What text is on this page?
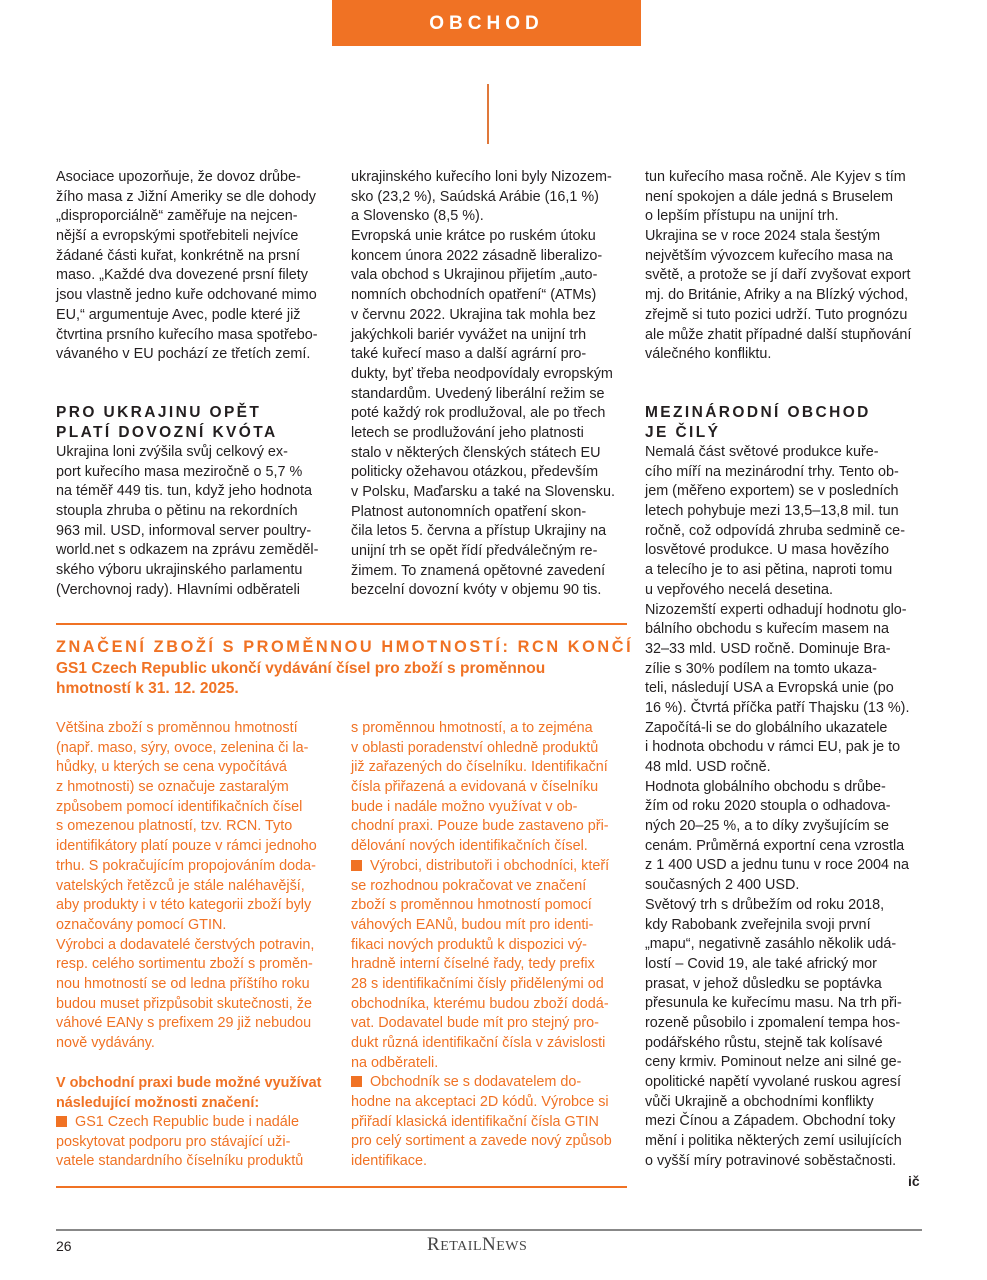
OBCHOD
Asociace upozorňuje, že dovoz drůbe-
žího masa z Jižní Ameriky se dle dohody
„disproporciálně“ zaměřuje na nejcen-
nější a evropskými spotřebiteli nejvíce
žádané části kuřat, konkrétně na prsní
maso. „Každé dva dovezené prsní filety
jsou vlastně jedno kuře odchované mimo
EU,“ argumentuje Avec, podle které již
čtvrtina prsního kuřecího masa spotřebo-
vávaného v EU pochází ze třetích zemí.
PRO UKRAJINU OPĚT
PLATÍ DOVOZNÍ KVÓTA
Ukrajina loni zvýšila svůj celkový ex-
port kuřecího masa meziročně o 5,7 %
na téměř 449 tis. tun, když jeho hodnota
stoupla zhruba o pětinu na rekordních
963 mil. USD, informoval server poultry-
world.net s odkazem na zprávu zeměděl-
ského výboru ukrajinského parlamentu
(Verchovnoj rady). Hlavními odběrateli
ukrajinského kuřecího loni byly Nizozem-
sko (23,2 %), Saúdská Arábie (16,1 %)
a Slovensko (8,5 %).
Evropská unie krátce po ruském útoku
koncem února 2022 zásadně liberalizo-
vala obchod s Ukrajinou přijetím „auto-
nomních obchodních opatření“ (ATMs)
v červnu 2022. Ukrajina tak mohla bez
jakýchkoli bariér vyvážet na unijní trh
také kuřecí maso a další agrární pro-
dukty, byť třeba neodpovídaly evropským
standardům. Uvedený liberální režim se
poté každý rok prodlužoval, ale po třech
letech se prodlužování jeho platnosti
stalo v některých členských státech EU
politicky ožehavou otázkou, především
v Polsku, Maďarsku a také na Slovensku.
Platnost autonomních opatření skon-
čila letos 5. června a přístup Ukrajiny na
unijní trh se opět řídí předválečným re-
žimem. To znamená opětovné zavedení
bezcelní dovozní kvóty v objemu 90 tis.
tun kuřecího masa ročně. Ale Kyjev s tím
není spokojen a dále jedná s Bruselem
o lepším přístupu na unijní trh.
Ukrajina se v roce 2024 stala šestým
největším vývozcem kuřecího masa na
světě, a protože se jí daří zvyšovat export
mj. do Británie, Afriky a na Blízký východ,
zřejmě si tuto pozici udrží. Tuto prognózu
ale může zhatit případné další stupňování
válečného konfliktu.
MEZINÁRODNÍ OBCHOD
JE ČILÝ
Nemalá část světové produkce kuře-
cího míří na mezinárodní trhy. Tento ob-
jem (měřeno exportem) se v posledních
letech pohybuje mezi 13,5–13,8 mil. tun
ročně, což odpovídá zhruba sedmině ce-
losvětové produkce. U masa hovězího
a telecího je to asi pětina, naproti tomu
u vepřového necelá desetina.
Nizozemští experti odhadují hodnotu glo-
bálního obchodu s kuřecím masem na
32–33 mld. USD ročně. Dominuje Bra-
zílie s 30% podílem na tomto ukaza-
teli, následují USA a Evropská unie (po
16 %). Čtvrtá příčka patří Thajsku (13 %).
Započítá-li se do globálního ukazatele
i hodnota obchodu v rámci EU, pak je to
48 mld. USD ročně.
Hodnota globálního obchodu s drůbe-
žím od roku 2020 stoupla o odhadova-
ných 20–25 %, a to díky zvyšujícím se
cenám. Průměrná exportní cena vzrostla
z 1 400 USD a jednu tunu v roce 2004 na
současných 2 400 USD.
Světový trh s drůbežím od roku 2018,
kdy Rabobank zveřejnila svoji první
„mapu“, negativně zasáhlo několik udá-
lostí – Covid 19, ale také africký mor
prasat, v jehož důsledku se poptávka
přesunula ke kuřecímu masu. Na trh při-
rozeně působilo i zpomalení tempa hos-
podářského růstu, stejně tak kolísavé
ceny krmiv. Pominout nelze ani silné ge-
opolitické napětí vyvolané ruskou agresí
vůči Ukrajině a obchodními konflikty
mezi Čínou a Západem. Obchodní toky
mění i politika některých zemí usilujících
o vyšší míry potravinové soběstačnosti.
ič
ZNAČENÍ ZBOŽÍ S PROMĚNNOU HMOTNOSTÍ: RCN KONČÍ
GS1 Czech Republic ukončí vydávání čísel pro zboží s proměnnou
hmotností k 31. 12. 2025.
Většina zboží s proměnnou hmotností
(např. maso, sýry, ovoce, zelenina či la-
hůdky, u kterých se cena vypočítává
z hmotnosti) se označuje zastaralým
způsobem pomocí identifikačních čísel
s omezenou platností, tzv. RCN. Tyto
identifikátory platí pouze v rámci jednoho
trhu. S pokračujícím propojováním doda-
vatelských řetězců je stále naléhavější,
aby produkty i v této kategorii zboží byly
označovány pomocí GTIN.
Výrobci a dodavatelé čerstvých potravin,
resp. celého sortimentu zboží s proměn-
nou hmotností se od ledna příštího roku
budou muset přizpůsobit skutečnosti, že
váhové EANy s prefixem 29 již nebudou
nově vydávány.
V obchodní praxi bude možné využívat
následující možnosti značení:
GS1 Czech Republic bude i nadále
poskytovat podporu pro stávající uži-
vatele standardního číselníku produktů
s proměnnou hmotností, a to zejména
v oblasti poradenství ohledně produktů
již zařazených do číselníku. Identifikační
čísla přiřazená a evidovaná v číselníku
bude i nadále možno využívat v ob-
chodní praxi. Pouze bude zastaveno při-
dělování nových identifikačních čísel.
Výrobci, distributoři i obchodníci, kteří
se rozhodnou pokračovat ve značení
zboží s proměnnou hmotností pomocí
váhových EANů, budou mít pro identi-
fikaci nových produktů k dispozici vý-
hradně interní číselné řady, tedy prefix
28 s identifikačními čísly přidělenými od
obchodníka, kterému budou zboží dodá-
vat. Dodavatel bude mít pro stejný pro-
dukt různá identifikační čísla v závislosti
na odběrateli.
Obchodník se s dodavatelem do-
hodne na akceptaci 2D kódů. Výrobce si
přiřadí klasická identifikační čísla GTIN
pro celý sortiment a zavede nový způsob
identifikace.
26	RETAILNEWS
